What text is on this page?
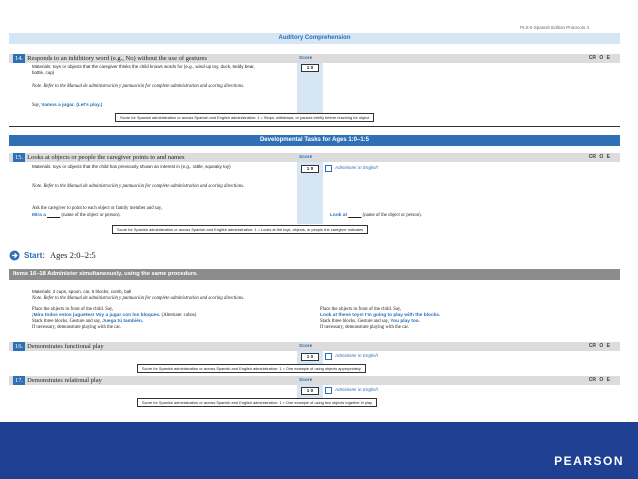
PLS-5 Spanish Edition Protocolo 4
Auditory Comprehension
14. Responds to an inhibitory word (e.g., No) without the use of gestures	Score	CR O E
1 0
Materials: toys or objects that the caregiver thinks the child knows words for (e.g., wind-up toy, duck, teddy bear, bottle, cup)
Note. Refer to the Manual de administración y puntuación for complete administration and scoring directions.
Say, Vamos a jugar. (Let's play.)
Score for Spanish administration or across Spanish and English administration: 1 = Stops, withdraws, or pauses briefly before reaching for object
Developmental Tasks for Ages 1:0–1:5
15. Looks at objects or people the caregiver points to and names	Score	CR O E
1 0	Administer in English
Materials: toys or objects that the child has previously shown an interest in (e.g., rattle, squeaky toy)
Note. Refer to the Manual de administración y puntuación for complete administration and scoring directions.
Ask the caregiver to point to each object or family member and say,
Mira a	(name of the object or person).	Look at	(name of the object or person).
Score for Spanish administration or across Spanish and English administration: 1 = Looks at the toys, objects, or people the caregiver indicates
Start: Ages 2:0–2:5
Items 16–18 Administer simultaneously, using the same procedure.
Materials: 2 cups, spoon, car, 6 blocks, comb, ball
Note. Refer to the Manual de administración y puntuación for complete administration and scoring directions.
Place the objects in front of the child. Say,
¡Mira todos estos juguetes! Voy a jugar con los bloques. (Alternate: cubos)
Stack three blocks. Gesture and say, Juega tú también.
If necessary, demonstrate playing with the car.
Place the objects in front of the child. Say,
Look at these toys! I'm going to play with the blocks.
Stack three blocks. Gesture and say, You play too.
If necessary, demonstrate playing with the car.
16. Demonstrates functional play	Score	CR O E
1 0	Administer in English
Score for Spanish administration or across Spanish and English administration: 1 = One example of using objects appropriately
17. Demonstrates relational play	Score	CR O E
1 0	Administer in English
Score for Spanish administration or across Spanish and English administration: 1 = One example of using two objects together in play
PEARSON
